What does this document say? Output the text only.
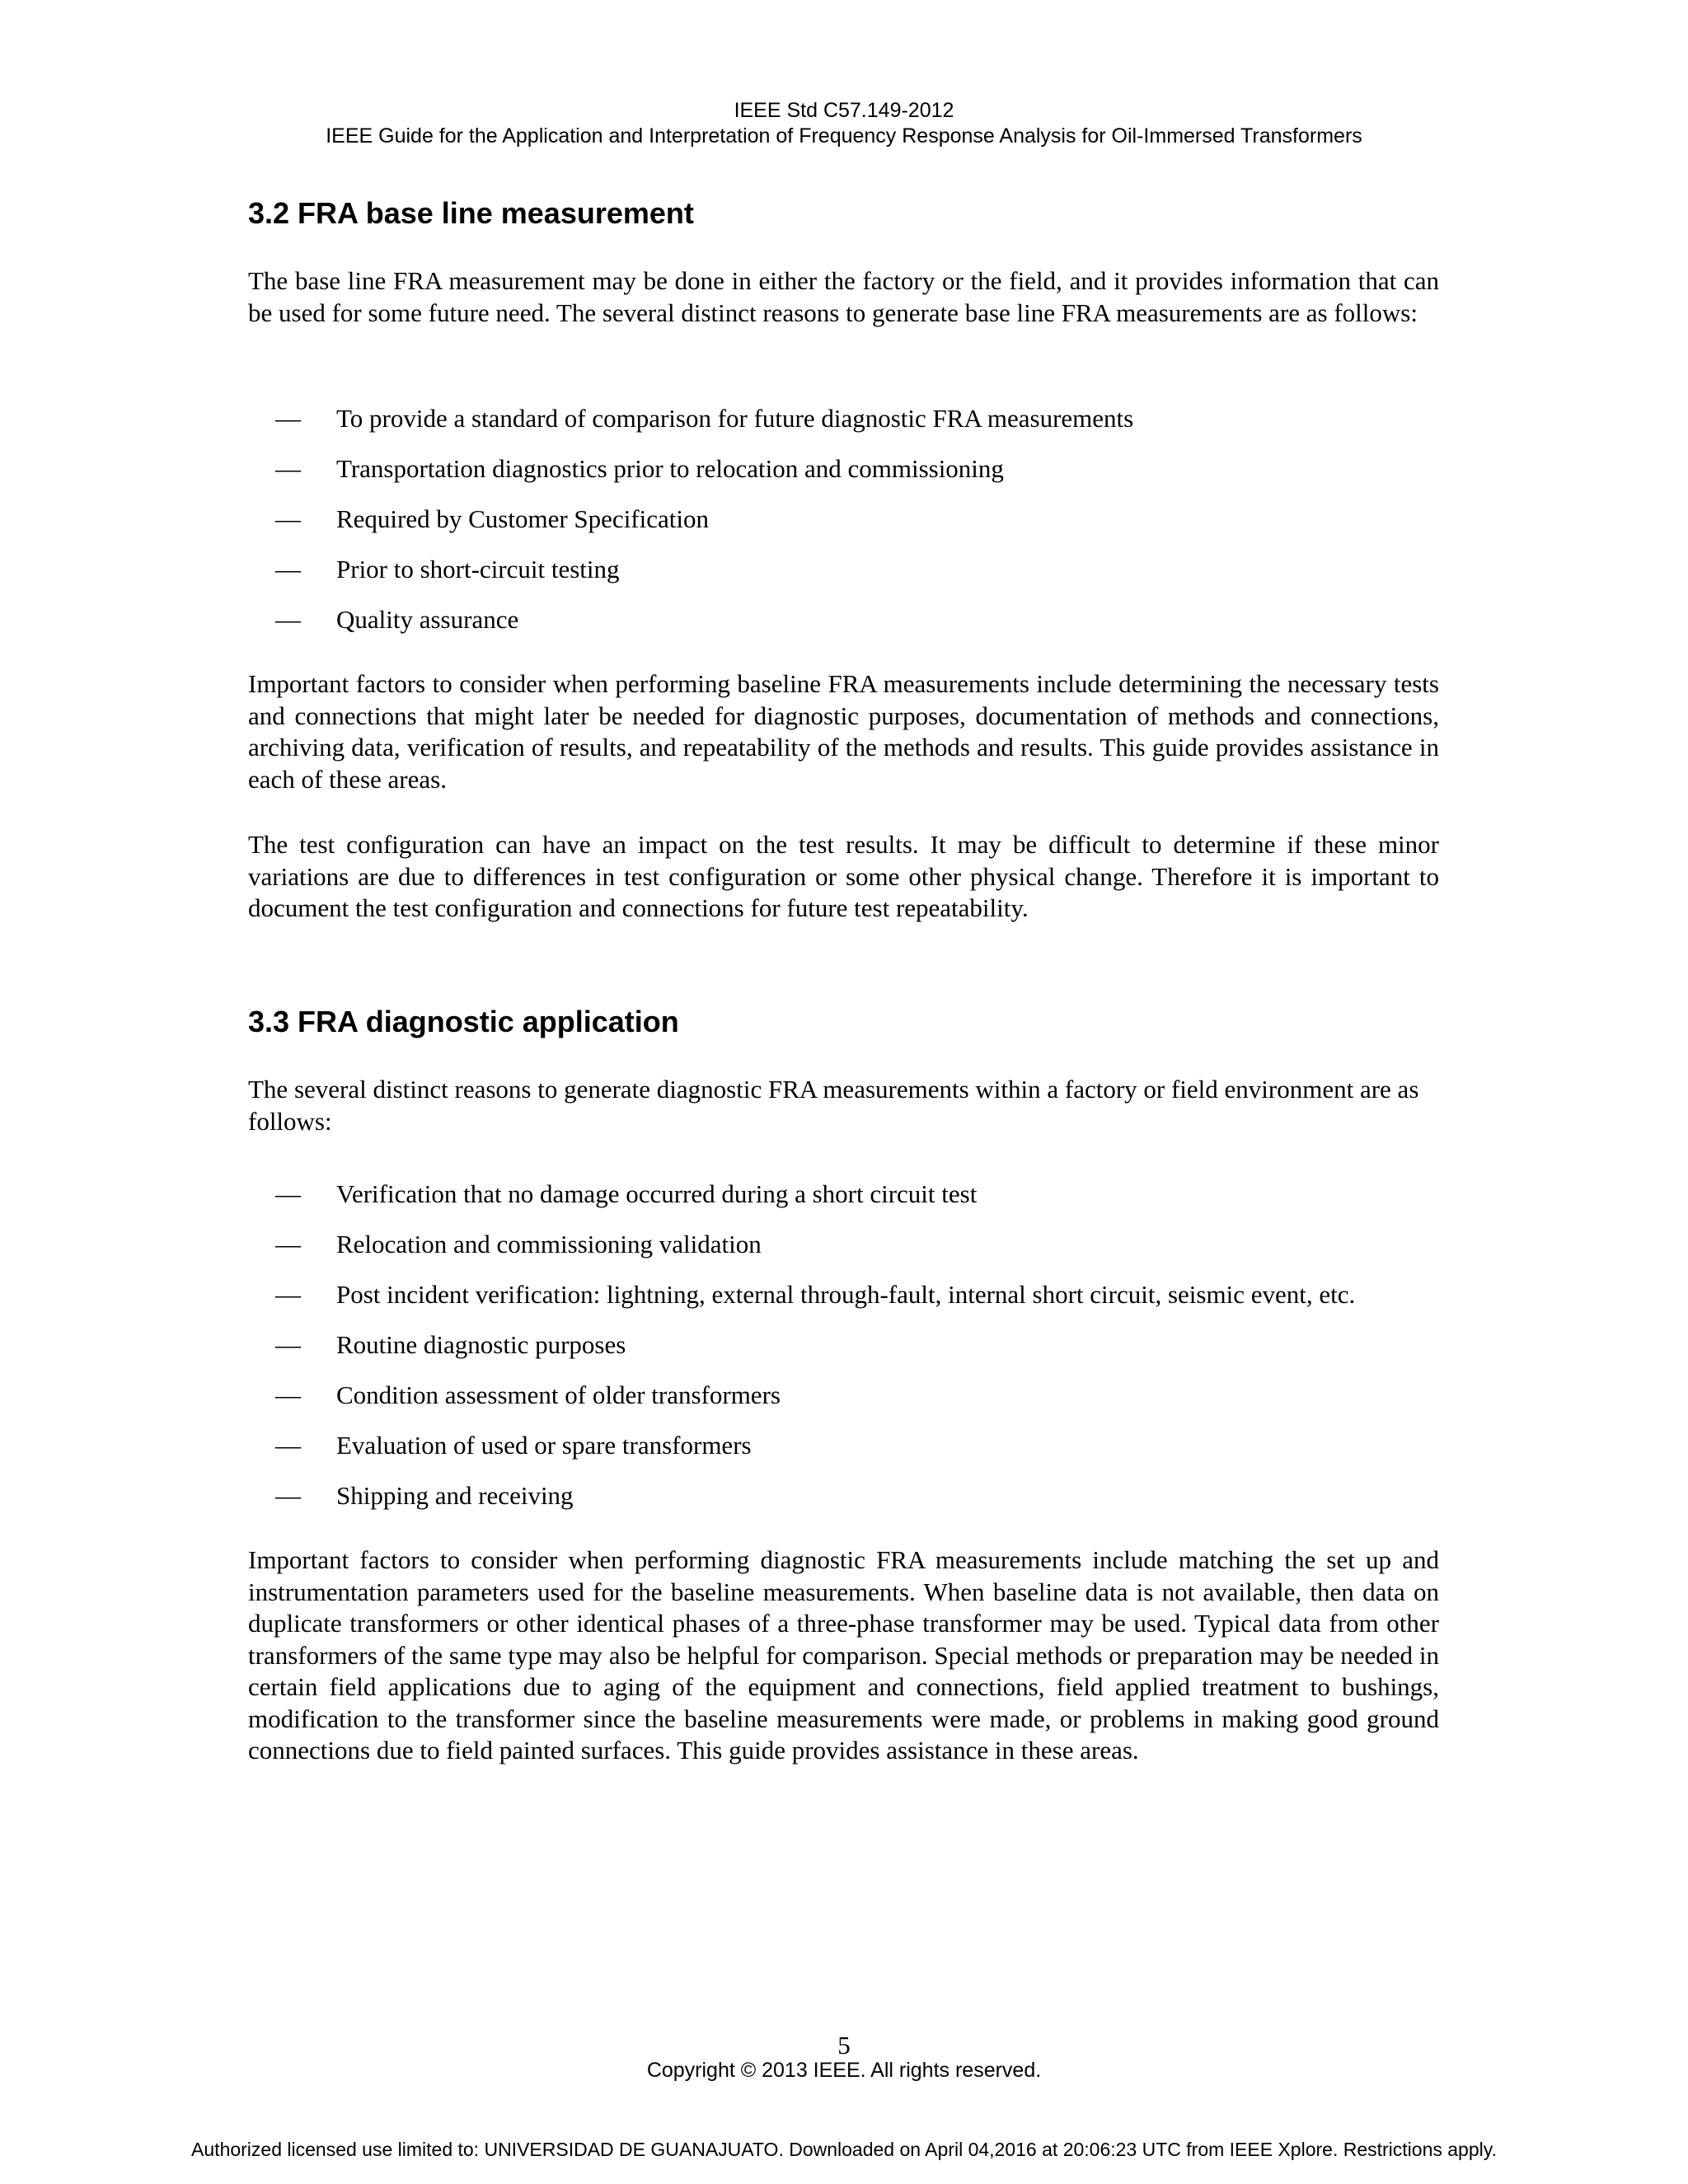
IEEE Std C57.149-2012
IEEE Guide for the Application and Interpretation of Frequency Response Analysis for Oil-Immersed Transformers
3.2 FRA base line measurement

The base line FRA measurement may be done in either the factory or the field, and it provides information that can be used for some future need. The several distinct reasons to generate base line FRA measurements are as follows:

— To provide a standard of comparison for future diagnostic FRA measurements
— Transportation diagnostics prior to relocation and commissioning
— Required by Customer Specification
— Prior to short-circuit testing
— Quality assurance

Important factors to consider when performing baseline FRA measurements include determining the necessary tests and connections that might later be needed for diagnostic purposes, documentation of methods and connections, archiving data, verification of results, and repeatability of the methods and results. This guide provides assistance in each of these areas.

The test configuration can have an impact on the test results. It may be difficult to determine if these minor variations are due to differences in test configuration or some other physical change. Therefore it is important to document the test configuration and connections for future test repeatability.

3.3 FRA diagnostic application

The several distinct reasons to generate diagnostic FRA measurements within a factory or field environment are as follows:

— Verification that no damage occurred during a short circuit test
— Relocation and commissioning validation
— Post incident verification: lightning, external through-fault, internal short circuit, seismic event, etc.
— Routine diagnostic purposes
— Condition assessment of older transformers
— Evaluation of used or spare transformers
— Shipping and receiving

Important factors to consider when performing diagnostic FRA measurements include matching the set up and instrumentation parameters used for the baseline measurements. When baseline data is not available, then data on duplicate transformers or other identical phases of a three-phase transformer may be used. Typical data from other transformers of the same type may also be helpful for comparison. Special methods or preparation may be needed in certain field applications due to aging of the equipment and connections, field applied treatment to bushings, modification to the transformer since the baseline measurements were made, or problems in making good ground connections due to field painted surfaces. This guide provides assistance in these areas.

5
Copyright © 2013 IEEE. All rights reserved.
Authorized licensed use limited to: UNIVERSIDAD DE GUANAJUATO. Downloaded on April 04,2016 at 20:06:23 UTC from IEEE Xplore. Restrictions apply.
